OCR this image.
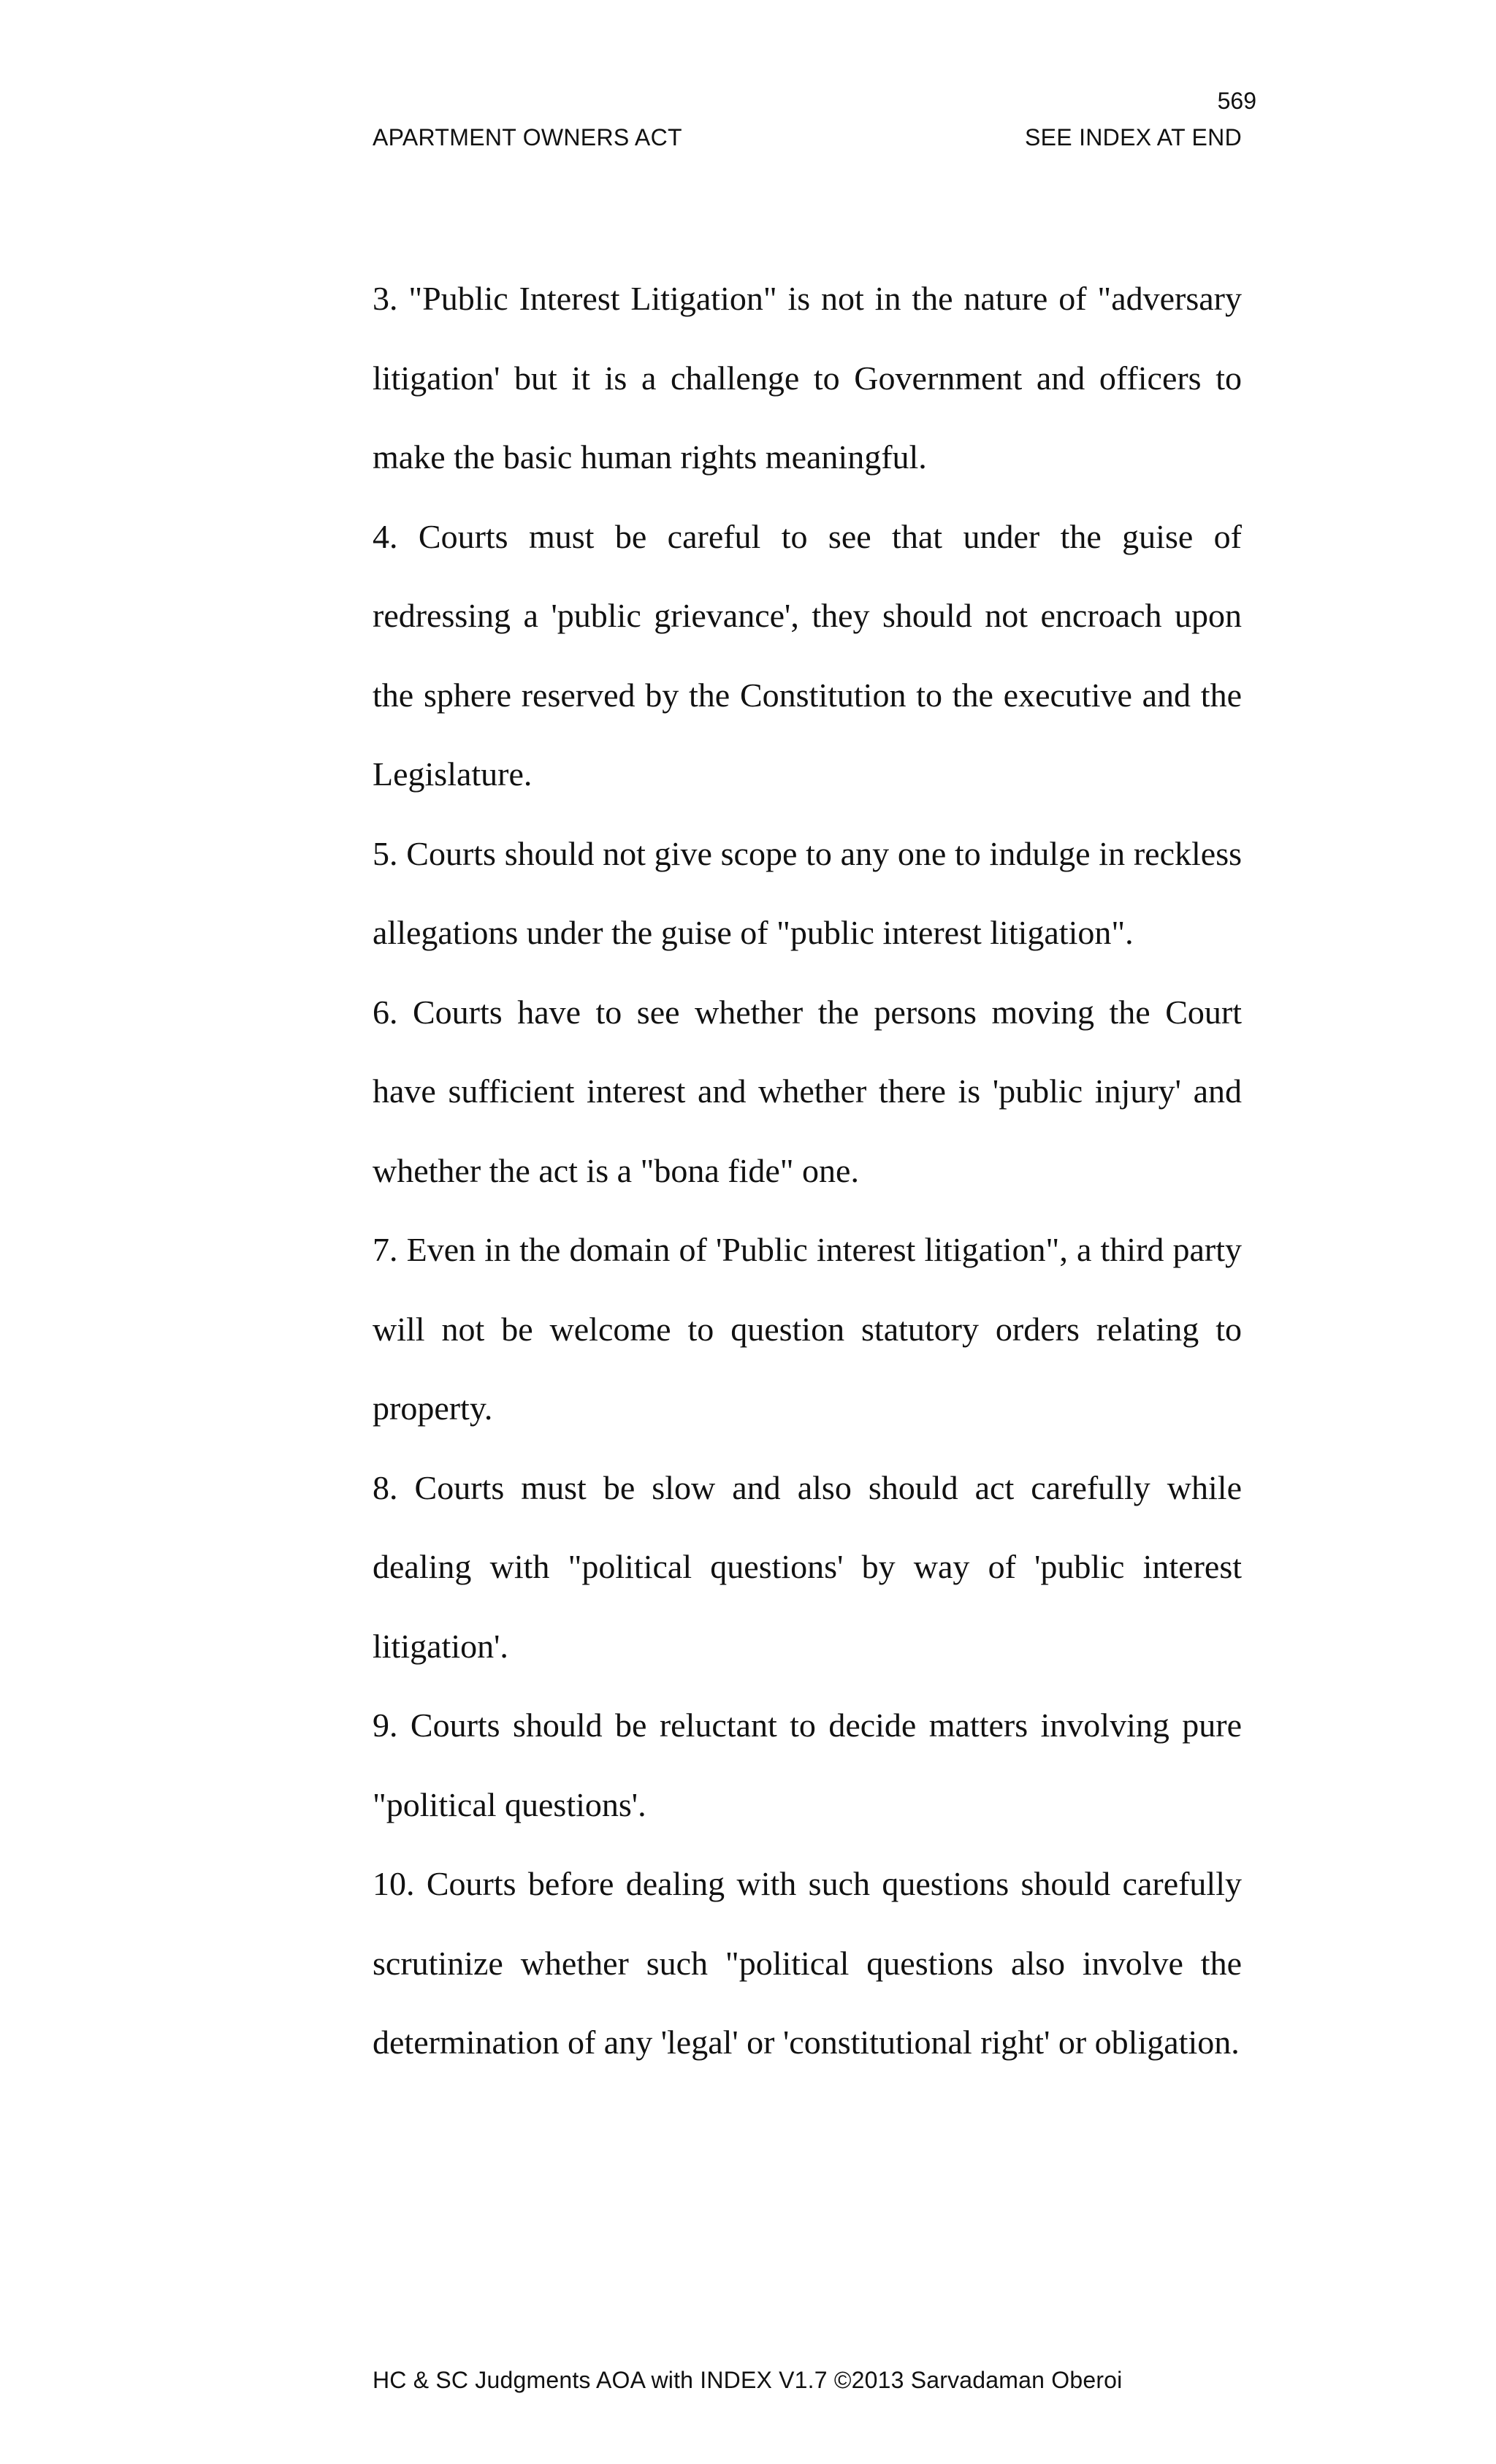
569
APARTMENT OWNERS ACT	SEE INDEX AT END

3. "Public Interest Litigation" is not in the nature of "adversary litigation' but it is a challenge to Government and officers to make the basic human rights meaningful.

4. Courts must be careful to see that under the guise of redressing a 'public grievance', they should not encroach upon the sphere reserved by the Constitution to the executive and the Legislature.

5. Courts should not give scope to any one to indulge in reckless allegations under the guise of "public interest litigation".

6. Courts have to see whether the persons moving the Court have sufficient interest and whether there is 'public injury' and whether the act is a "bona fide" one.

7. Even in the domain of 'Public interest litigation", a third party will not be welcome to question statutory orders relating to property.

8. Courts must be slow and also should act carefully while dealing with "political questions' by way of 'public interest litigation'.

9. Courts should be reluctant to decide matters involving pure "political questions'.

10. Courts before dealing with such questions should carefully scrutinize whether such "political questions also involve the determination of any 'legal' or 'constitutional right' or obligation.

HC & SC Judgments AOA with INDEX V1.7 ©2013 Sarvadaman Oberoi
